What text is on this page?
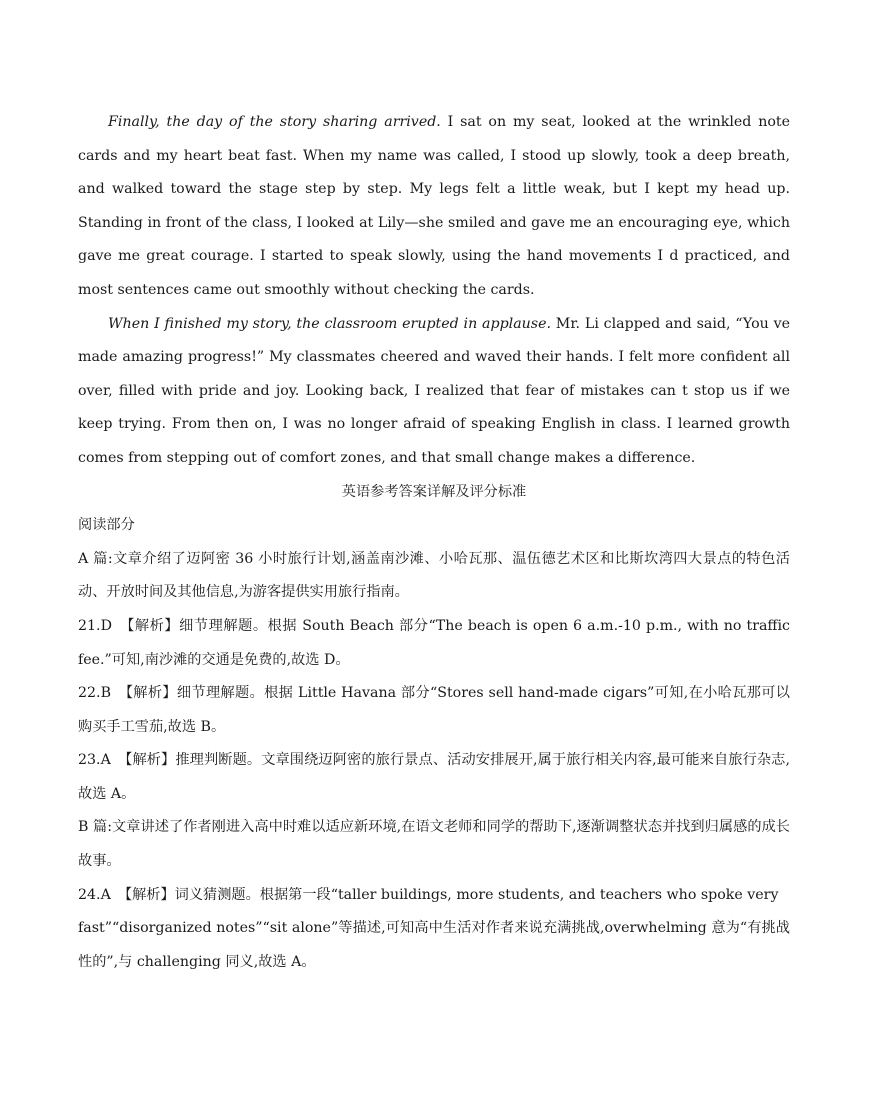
Finally, the day of the story sharing arrived. I sat on my seat, looked at the wrinkled note cards and my heart beat fast. When my name was called, I stood up slowly, took a deep breath, and walked toward the stage step by step. My legs felt a little weak, but I kept my head up. Standing in front of the class, I looked at Lily—she smiled and gave me an encouraging eye, which gave me great courage. I started to speak slowly, using the hand movements I d practiced, and most sentences came out smoothly without checking the cards.

When I finished my story, the classroom erupted in applause. Mr. Li clapped and said, “You ve made amazing progress!” My classmates cheered and waved their hands. I felt more confident all over, filled with pride and joy. Looking back, I realized that fear of mistakes can t stop us if we keep trying. From then on, I was no longer afraid of speaking English in class. I learned growth comes from stepping out of comfort zones, and that small change makes a difference.

英语参考答案详解及评分标准

阅读部分

A 篇:文章介绍了迈阿密 36 小时旅行计划,涵盖南沙滩、小哈瓦那、温伍德艺术区和比斯坎湾四大景点的特色活动、开放时间及其他信息,为游客提供实用旅行指南。

21.D　【解析】细节理解题。根据 South Beach 部分“The beach is open 6 a.m.-10 p.m., with no traffic fee.”可知,南沙滩的交通是免费的,故选 D。

22.B　【解析】细节理解题。根据 Little Havana 部分“Stores sell hand-made cigars”可知,在小哈瓦那可以购买手工雪茄,故选 B。

23.A　【解析】推理判断题。文章围绕迈阿密的旅行景点、活动安排展开,属于旅行相关内容,最可能来自旅行杂志,故选 A。

B 篇:文章讲述了作者刚进入高中时难以适应新环境,在语文老师和同学的帮助下,逐渐调整状态并找到归属感的成长故事。

24.A　【解析】词义猜测题。根据第一段“taller buildings, more students, and teachers who spoke very
fast”“disorganized notes”“sit alone”等描述,可知高中生活对作者来说充满挑战,overwhelming 意为“有挑战性的”,与 challenging 同义,故选 A。
